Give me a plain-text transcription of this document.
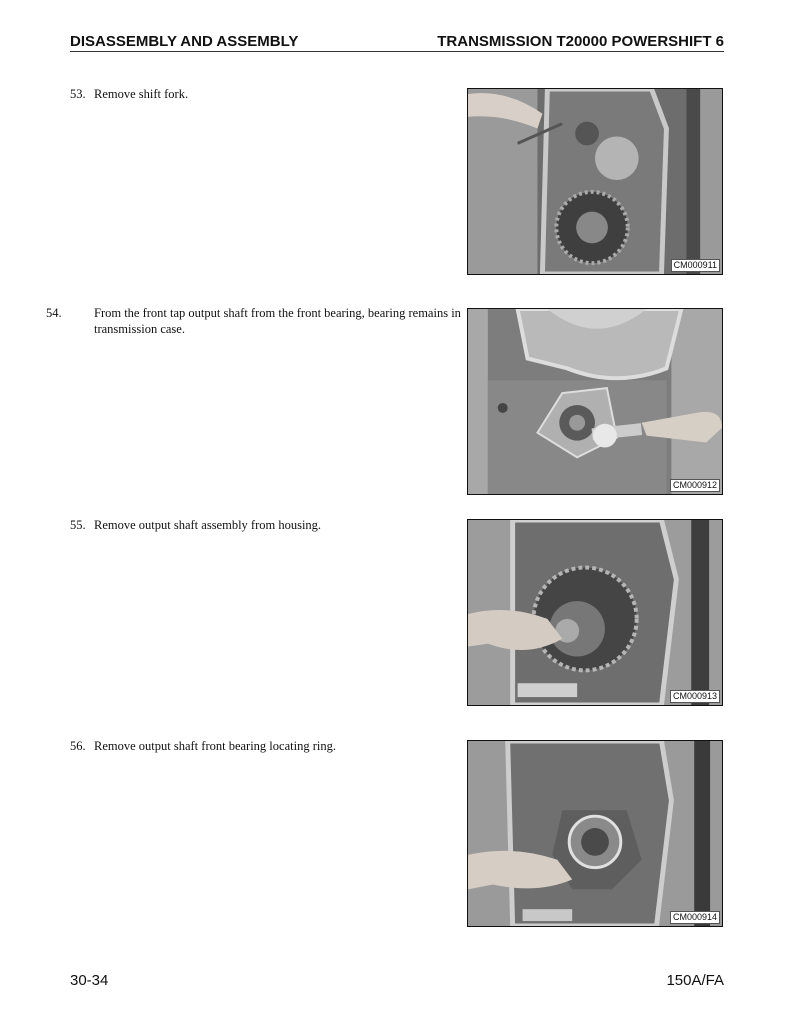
DISASSEMBLY AND ASSEMBLY	TRANSMISSION T20000 POWERSHIFT 6
53. Remove shift fork.
CM000911
54.	From the front tap output shaft from the front bearing, bearing remains in transmission case.
CM000912
55. Remove output shaft assembly from housing.
CM000913
56. Remove output shaft front bearing locating ring.
CM000914
30-34	150A/FA
